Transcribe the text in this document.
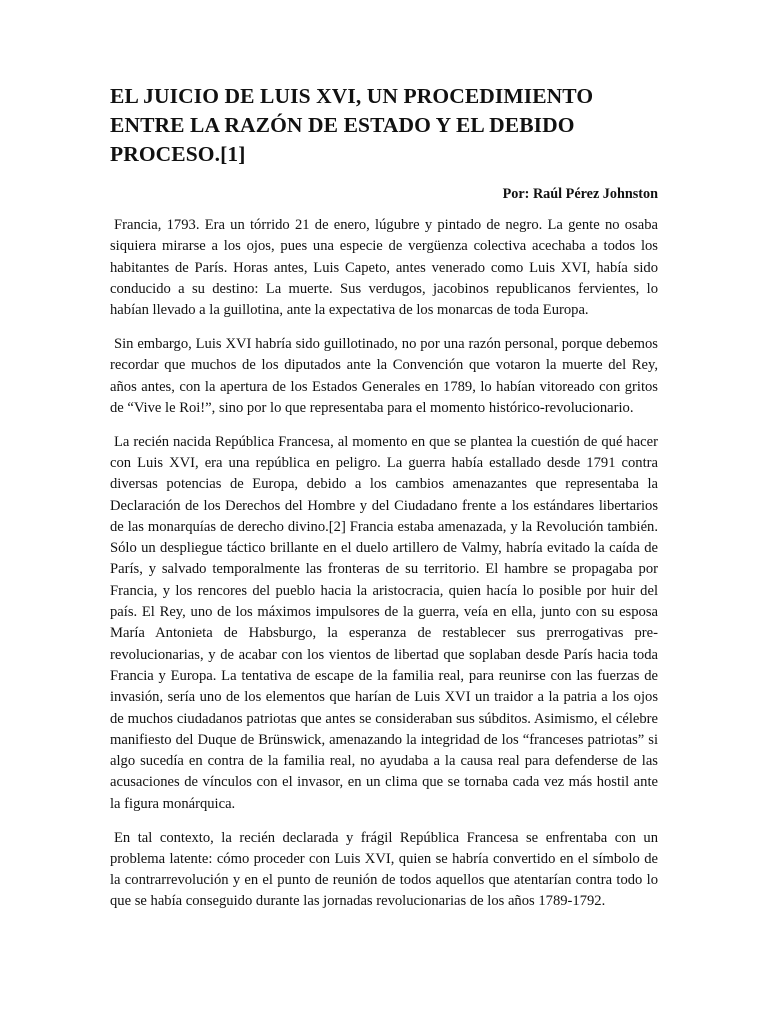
EL JUICIO DE LUIS XVI, UN PROCEDIMIENTO ENTRE LA RAZÓN DE ESTADO Y EL DEBIDO PROCESO.[1]
Por: Raúl Pérez Johnston

Francia, 1793. Era un tórrido 21 de enero, lúgubre y pintado de negro. La gente no osaba siquiera mirarse a los ojos, pues una especie de vergüenza colectiva acechaba a todos los habitantes de París. Horas antes, Luis Capeto, antes venerado como Luis XVI, había sido conducido a su destino: La muerte. Sus verdugos, jacobinos republicanos fervientes, lo habían llevado a la guillotina, ante la expectativa de los monarcas de toda Europa.

Sin embargo, Luis XVI habría sido guillotinado, no por una razón personal, porque debemos recordar que muchos de los diputados ante la Convención que votaron la muerte del Rey, años antes, con la apertura de los Estados Generales en 1789, lo habían vitoreado con gritos de “Vive le Roi!”, sino por lo que representaba para el momento histórico-revolucionario.

La recién nacida República Francesa, al momento en que se plantea la cuestión de qué hacer con Luis XVI, era una república en peligro. La guerra había estallado desde 1791 contra diversas potencias de Europa, debido a los cambios amenazantes que representaba la Declaración de los Derechos del Hombre y del Ciudadano frente a los estándares libertarios de las monarquías de derecho divino.[2] Francia estaba amenazada, y la Revolución también. Sólo un despliegue táctico brillante en el duelo artillero de Valmy, habría evitado la caída de París, y salvado temporalmente las fronteras de su territorio. El hambre se propagaba por Francia, y los rencores del pueblo hacia la aristocracia, quien hacía lo posible por huir del país. El Rey, uno de los máximos impulsores de la guerra, veía en ella, junto con su esposa María Antonieta de Habsburgo, la esperanza de restablecer sus prerrogativas pre-revolucionarias, y de acabar con los vientos de libertad que soplaban desde París hacia toda Francia y Europa. La tentativa de escape de la familia real, para reunirse con las fuerzas de invasión, sería uno de los elementos que harían de Luis XVI un traidor a la patria a los ojos de muchos ciudadanos patriotas que antes se consideraban sus súbditos. Asimismo, el célebre manifiesto del Duque de Brünswick, amenazando la integridad de los “franceses patriotas” si algo sucedía en contra de la familia real, no ayudaba a la causa real para defenderse de las acusaciones de vínculos con el invasor, en un clima que se tornaba cada vez más hostil ante la figura monárquica.

En tal contexto, la recién declarada y frágil República Francesa se enfrentaba con un problema latente: cómo proceder con Luis XVI, quien se habría convertido en el símbolo de la contrarrevolución y en el punto de reunión de todos aquellos que atentarían contra todo lo que se había conseguido durante las jornadas revolucionarias de los años 1789-1792.
